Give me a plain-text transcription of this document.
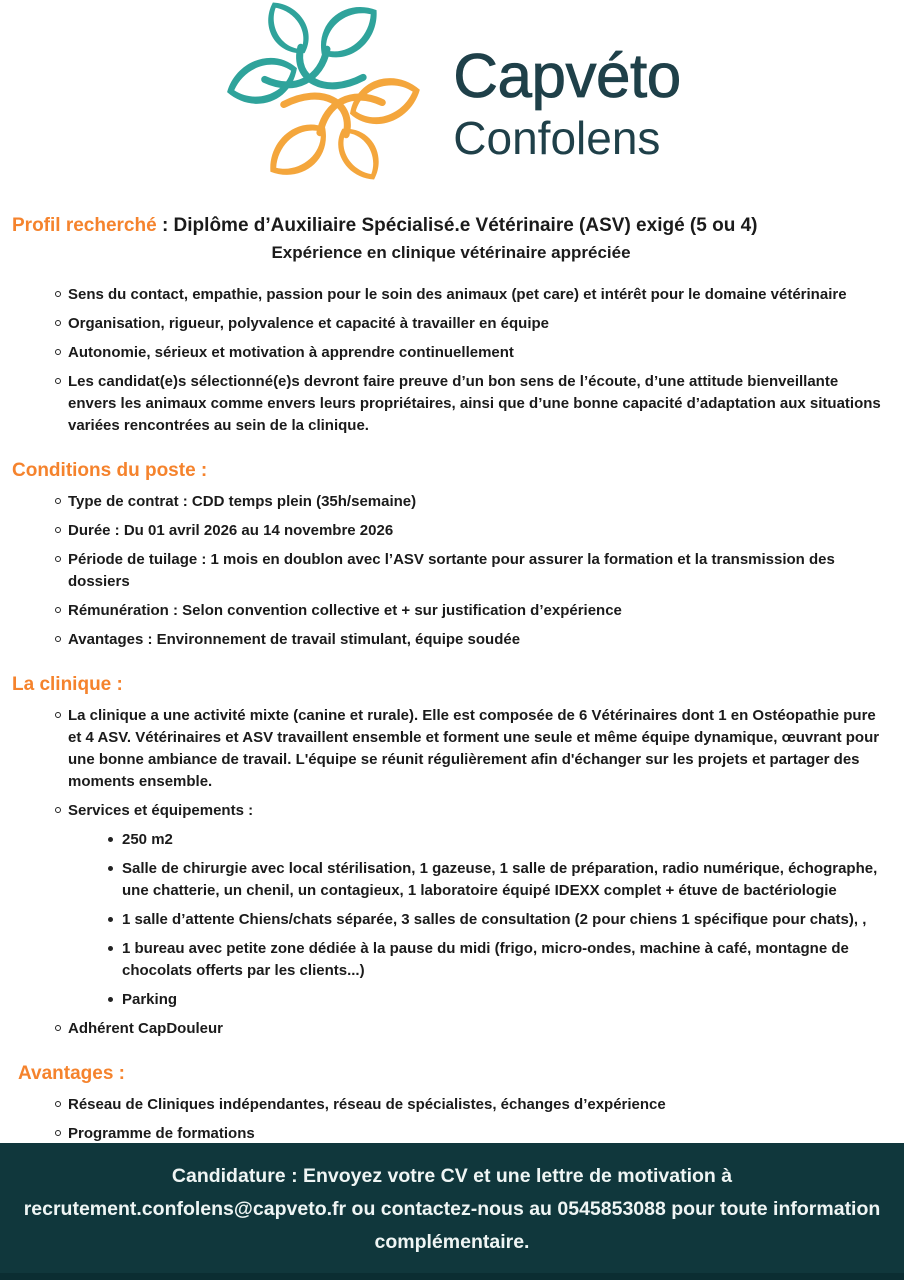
Capvéto
Confolens
Profil recherché : Diplôme d’Auxiliaire Spécialisé.e Vétérinaire (ASV) exigé (5 ou 4)
Expérience en clinique vétérinaire appréciée
Sens du contact, empathie, passion pour le soin des animaux (pet care) et intérêt pour le domaine vétérinaire
Organisation, rigueur, polyvalence et capacité à travailler en équipe
Autonomie, sérieux et motivation à apprendre continuellement
Les candidat(e)s sélectionné(e)s devront faire preuve d’un bon sens de l’écoute, d’une attitude bienveillante envers les animaux comme envers leurs propriétaires, ainsi que d’une bonne capacité d’adaptation aux situations variées rencontrées au sein de la clinique.
Conditions du poste :
Type de contrat : CDD temps plein (35h/semaine)
Durée : Du 01 avril 2026 au 14 novembre 2026
Période de tuilage : 1 mois en doublon avec l’ASV sortante pour assurer la formation et la transmission des dossiers
Rémunération : Selon convention collective et + sur justification d’expérience
Avantages : Environnement de travail stimulant, équipe soudée
La clinique :
La clinique a une activité mixte (canine et rurale). Elle est composée de 6 Vétérinaires dont 1 en Ostéopathie pure et 4 ASV. Vétérinaires et ASV travaillent ensemble et forment une seule et même équipe dynamique, œuvrant pour une bonne ambiance de travail. L'équipe se réunit régulièrement afin d'échanger sur les projets et partager des moments ensemble.
Services et équipements :
250 m2
Salle de chirurgie avec local stérilisation, 1 gazeuse, 1 salle de préparation, radio numérique, échographe, une chatterie, un chenil, un contagieux, 1 laboratoire équipé IDEXX complet + étuve de bactériologie
1 salle d’attente Chiens/chats séparée, 3 salles de consultation (2 pour chiens 1 spécifique pour chats), ,
1 bureau avec petite zone dédiée à la pause du midi (frigo, micro-ondes, machine à café, montagne de chocolats offerts par les clients...)
Parking
Adhérent CapDouleur
Avantages :
Réseau de Cliniques indépendantes, réseau de spécialistes, échanges d’expérience
Programme de formations
Candidature : Envoyez votre CV et une lettre de motivation à recrutement.confolens@capveto.fr ou contactez-nous au 0545853088 pour toute information complémentaire.
